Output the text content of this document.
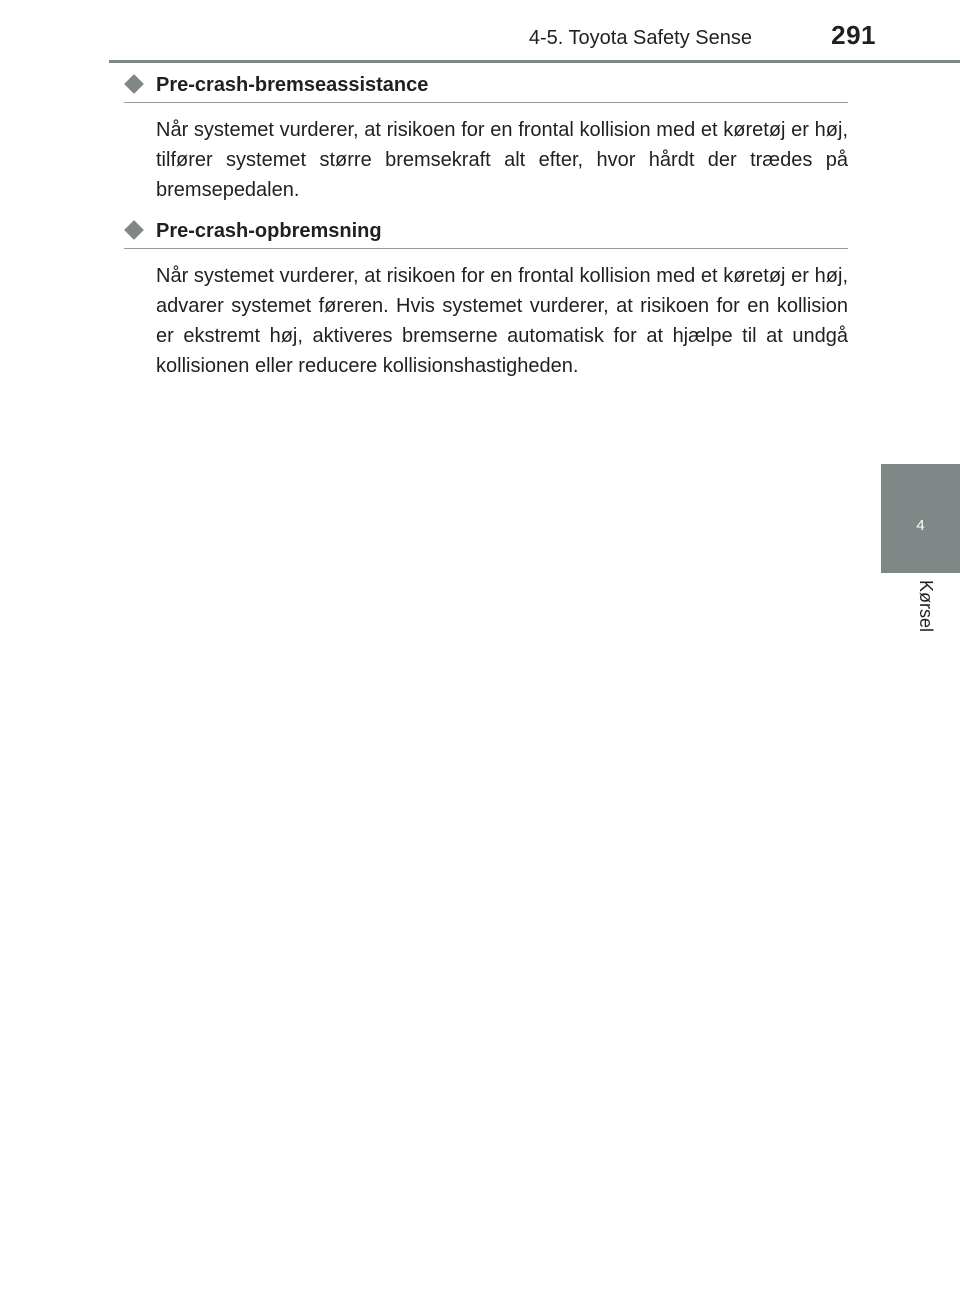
4-5. Toyota Safety Sense	291
4
Kørsel
Pre-crash-bremseassistance

Når systemet vurderer, at risikoen for en frontal kollision med et køretøj er høj, tilfører systemet større bremsekraft alt efter, hvor hårdt der trædes på bremsepedalen.

Pre-crash-opbremsning

Når systemet vurderer, at risikoen for en frontal kollision med et køretøj er høj, advarer systemet føreren. Hvis systemet vurderer, at risikoen for en kollision er ekstremt høj, aktiveres bremserne automatisk for at hjælpe til at undgå kollisionen eller reducere kollisionshastigheden.
